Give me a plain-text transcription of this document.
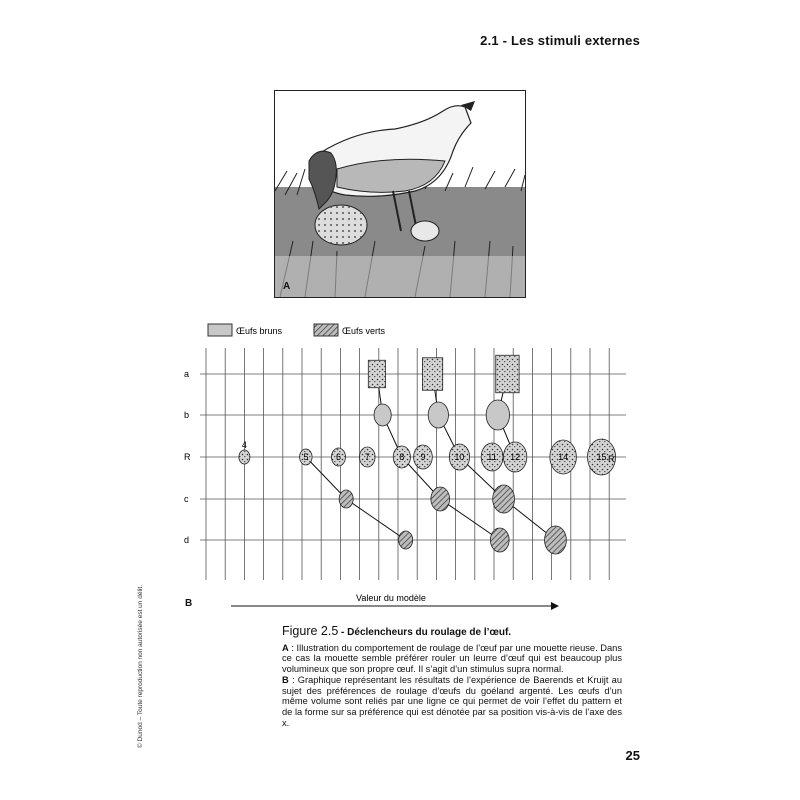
2.1 - Les stimuli externes
A
Œufs bruns	Œufs verts
4
5	6	7	8 9	10	11 12	14	15
a
b
R
c
d
R
Valeur du modèle
B
© Dunod – Toute reproduction non autorisée est un délit.	Figure 2.5 - Déclencheurs du roulage de l’œuf.

A : Illustration du comportement de roulage de l’œuf par une mouette rieuse. Dans ce cas la mouette semble préférer rouler un leurre d’œuf qui est beaucoup plus volumineux que son propre œuf. Il s’agit d’un stimulus supra normal.

B : Graphique représentant les résultats de l’expérience de Baerends et Kruijt au sujet des préférences de roulage d’œufs du goéland argenté. Les œufs d’un même volume sont reliés par une ligne ce qui permet de voir l’effet du pattern et de la forme sur sa préférence qui est dénotée par sa position vis-à-vis de l’axe des x.

25
